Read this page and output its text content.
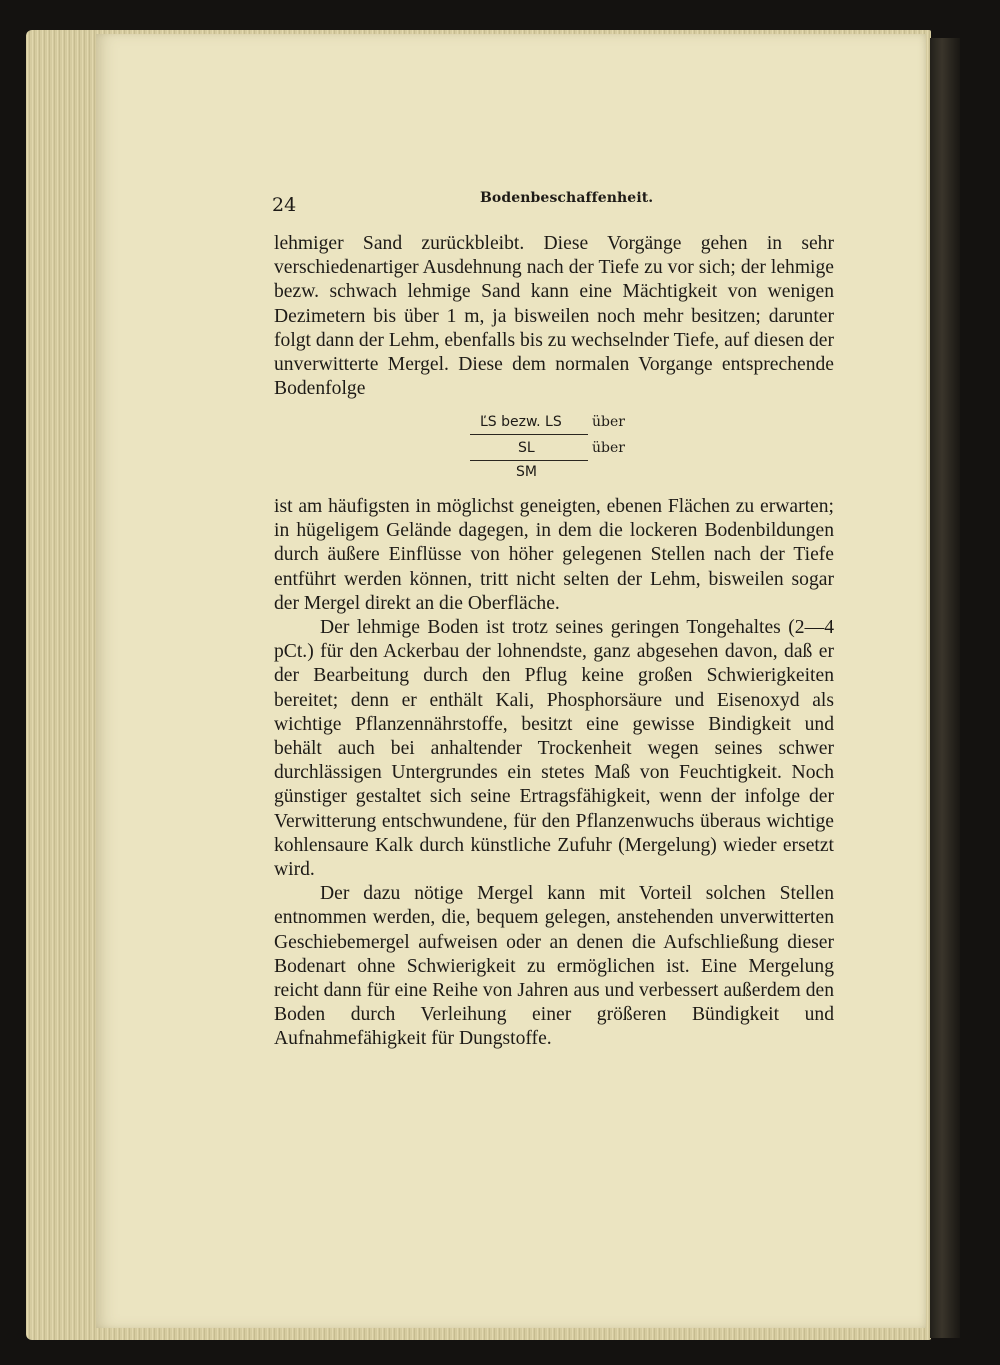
24	Bodenbeschaffenheit.

lehmiger Sand zurückbleibt. Diese Vorgänge gehen in sehr verschiedenartiger Ausdehnung nach der Tiefe zu vor sich; der lehmige bezw. schwach lehmige Sand kann eine Mächtigkeit von wenigen Dezimetern bis über 1 m, ja bisweilen noch mehr besitzen; darunter folgt dann der Lehm, ebenfalls bis zu wechselnder Tiefe, auf diesen der unverwitterte Mergel. Diese dem normalen Vorgange entsprechende Bodenfolge

ĽS bezw. LS über
SL	über
SM

ist am häufigsten in möglichst geneigten, ebenen Flächen zu erwarten; in hügeligem Gelände dagegen, in dem die lockeren Bodenbildungen durch äußere Einflüsse von höher gelegenen Stellen nach der Tiefe entführt werden können, tritt nicht selten der Lehm, bisweilen sogar der Mergel direkt an die Oberfläche.

Der lehmige Boden ist trotz seines geringen Tongehaltes (2—4 pCt.) für den Ackerbau der lohnendste, ganz abgesehen davon, daß er der Bearbeitung durch den Pflug keine großen Schwierigkeiten bereitet; denn er enthält Kali, Phosphorsäure und Eisenoxyd als wichtige Pflanzennährstoffe, besitzt eine gewisse Bindigkeit und behält auch bei anhaltender Trockenheit wegen seines schwer durchlässigen Untergrundes ein stetes Maß von Feuchtigkeit. Noch günstiger gestaltet sich seine Ertragsfähigkeit, wenn der infolge der Verwitterung entschwundene, für den Pflanzenwuchs überaus wichtige kohlensaure Kalk durch künstliche Zufuhr (Mergelung) wieder ersetzt wird.

Der dazu nötige Mergel kann mit Vorteil solchen Stellen entnommen werden, die, bequem gelegen, anstehenden unverwitterten Geschiebemergel aufweisen oder an denen die Aufschließung dieser Bodenart ohne Schwierigkeit zu ermöglichen ist. Eine Mergelung reicht dann für eine Reihe von Jahren aus und verbessert außerdem den Boden durch Verleihung einer größeren Bündigkeit und Aufnahmefähigkeit für Dungstoffe.
